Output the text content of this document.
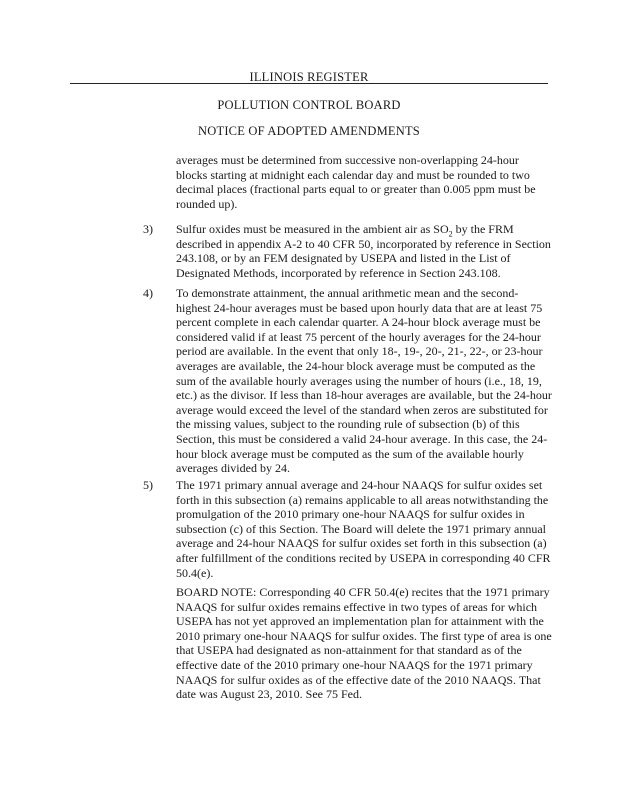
ILLINOIS REGISTER
POLLUTION CONTROL BOARD
NOTICE OF ADOPTED AMENDMENTS
averages must be determined from successive non-overlapping 24-hour blocks starting at midnight each calendar day and must be rounded to two decimal places (fractional parts equal to or greater than 0.005 ppm must be rounded up).
3) Sulfur oxides must be measured in the ambient air as $SO_2$ by the FRM described in appendix A-2 to 40 CFR 50, incorporated by reference in Section 243.108, or by an FEM designated by USEPA and listed in the List of Designated Methods, incorporated by reference in Section 243.108.
4) To demonstrate attainment, the annual arithmetic mean and the second-highest 24-hour averages must be based upon hourly data that are at least 75 percent complete in each calendar quarter. A 24-hour block average must be considered valid if at least 75 percent of the hourly averages for the 24-hour period are available. In the event that only 18-, 19-, 20-, 21-, 22-, or 23-hour averages are available, the 24-hour block average must be computed as the sum of the available hourly averages using the number of hours (i.e., 18, 19, etc.) as the divisor. If less than 18-hour averages are available, but the 24-hour average would exceed the level of the standard when zeros are substituted for the missing values, subject to the rounding rule of subsection (b) of this Section, this must be considered a valid 24-hour average. In this case, the 24-hour block average must be computed as the sum of the available hourly averages divided by 24.
5) The 1971 primary annual average and 24-hour NAAQS for sulfur oxides set forth in this subsection (a) remains applicable to all areas notwithstanding the promulgation of the 2010 primary one-hour NAAQS for sulfur oxides in subsection (c) of this Section. The Board will delete the 1971 primary annual average and 24-hour NAAQS for sulfur oxides set forth in this subsection (a) after fulfillment of the conditions recited by USEPA in corresponding 40 CFR 50.4(e).
BOARD NOTE: Corresponding 40 CFR 50.4(e) recites that the 1971 primary NAAQS for sulfur oxides remains effective in two types of areas for which USEPA has not yet approved an implementation plan for attainment with the 2010 primary one-hour NAAQS for sulfur oxides. The first type of area is one that USEPA had designated as non-attainment for that standard as of the effective date of the 2010 primary one-hour NAAQS for the 1971 primary NAAQS for sulfur oxides as of the effective date of the 2010 NAAQS. That date was August 23, 2010. See 75 Fed.
